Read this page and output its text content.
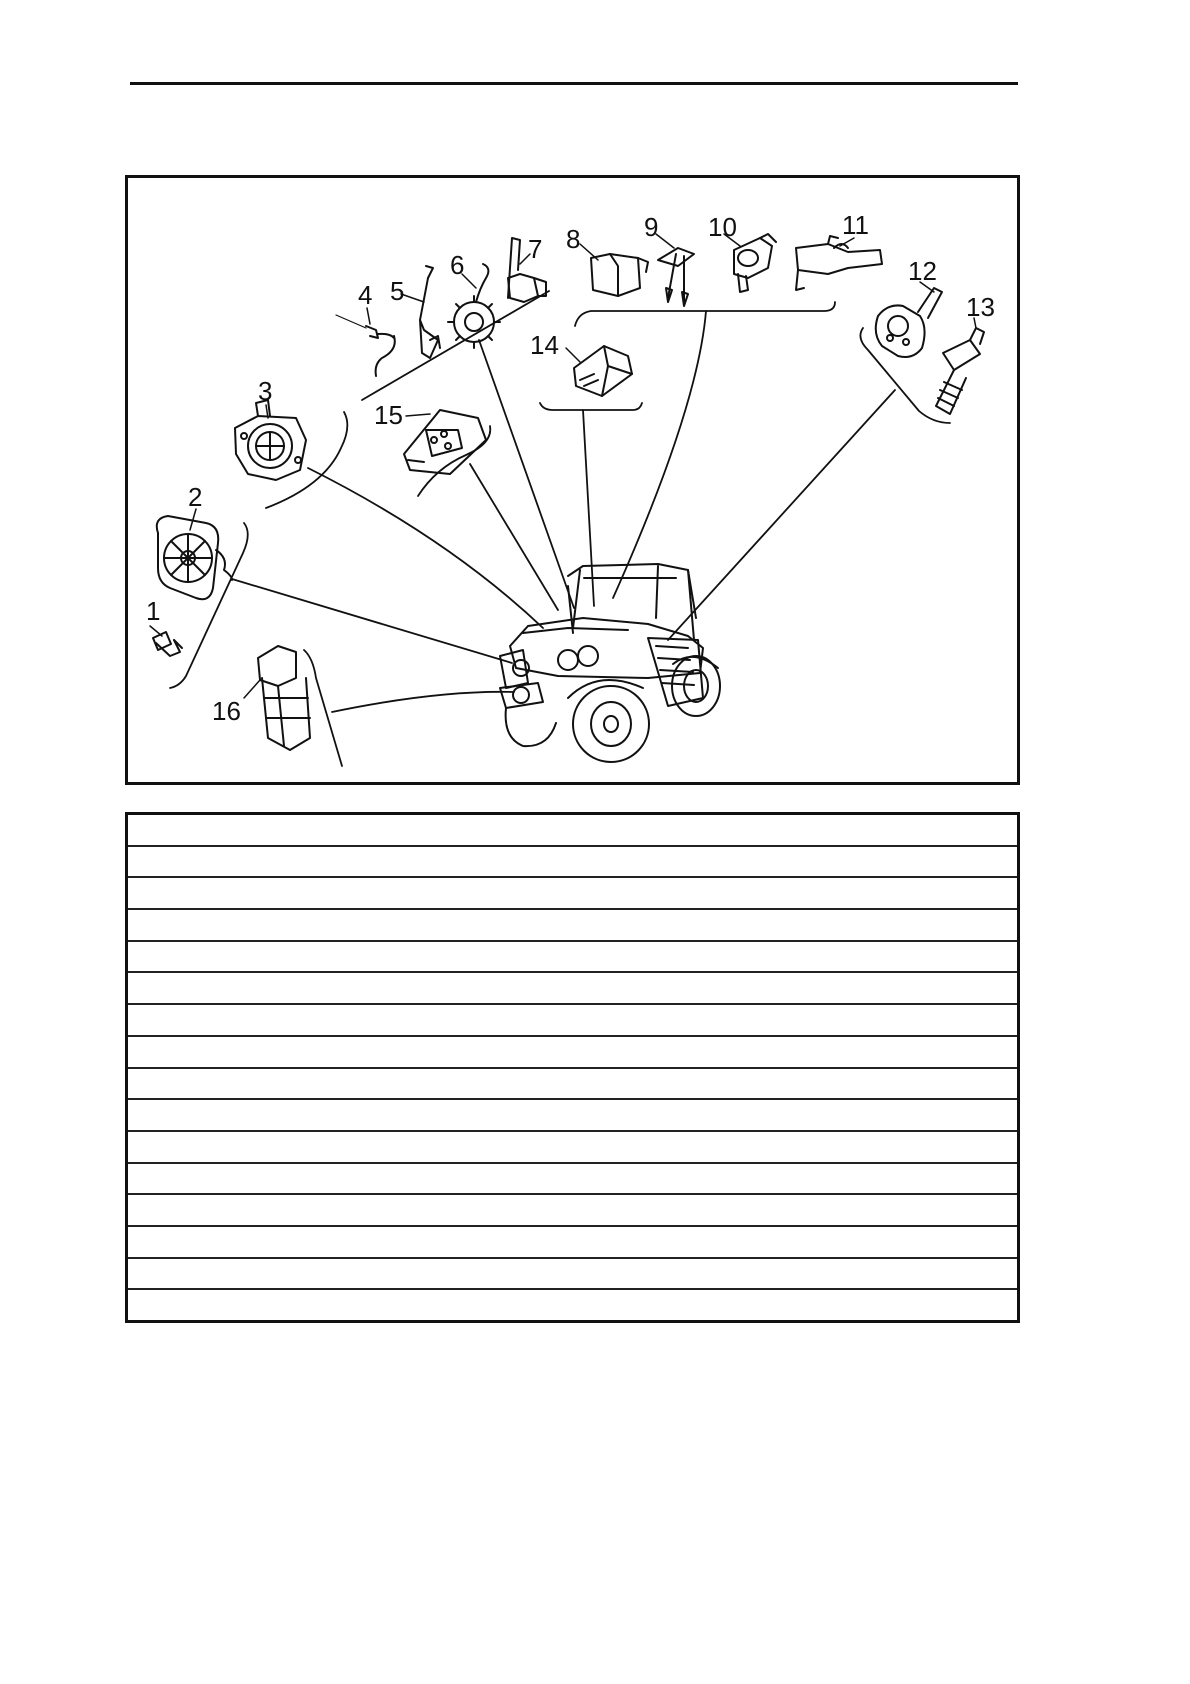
1
2
3
4 5
6
7 8 9 10	11
12
13
14
15
16
